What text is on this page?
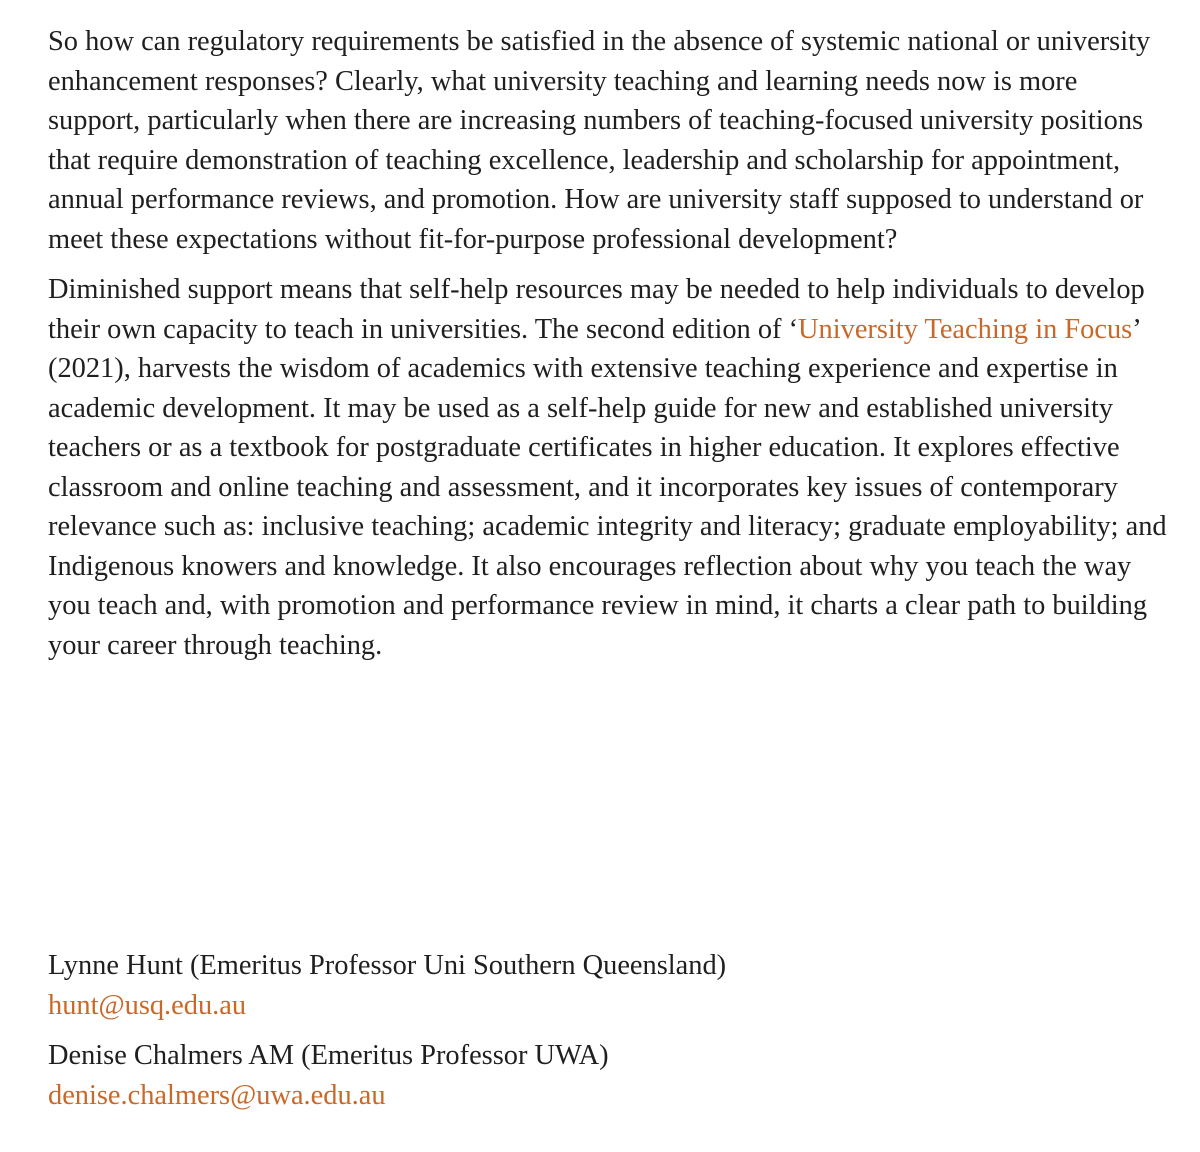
So how can regulatory requirements be satisfied in the absence of systemic national or university enhancement responses? Clearly, what university teaching and learning needs now is more support, particularly when there are increasing numbers of teaching-focused university positions that require demonstration of teaching excellence, leadership and scholarship for appointment, annual performance reviews, and promotion. How are university staff supposed to understand or meet these expectations without fit-for-purpose professional development?

Diminished support means that self-help resources may be needed to help individuals to develop their own capacity to teach in universities. The second edition of ‘University Teaching in Focus’ (2021), harvests the wisdom of academics with extensive teaching experience and expertise in academic development. It may be used as a self-help guide for new and established university teachers or as a textbook for postgraduate certificates in higher education. It explores effective classroom and online teaching and assessment, and it incorporates key issues of contemporary relevance such as: inclusive teaching; academic integrity and literacy; graduate employability; and Indigenous knowers and knowledge. It also encourages reflection about why you teach the way you teach and, with promotion and performance review in mind, it charts a clear path to building your career through teaching.

Lynne Hunt (Emeritus Professor Uni Southern Queensland)
hunt@usq.edu.au
Denise Chalmers AM (Emeritus Professor UWA)
denise.chalmers@uwa.edu.au
